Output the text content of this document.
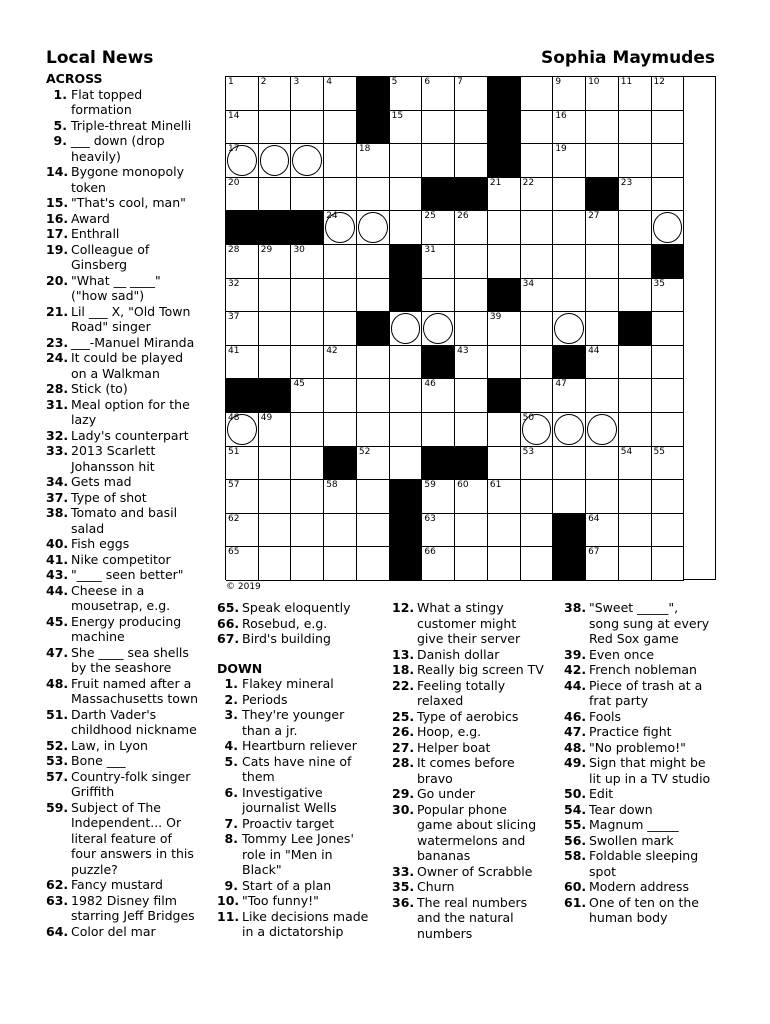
Local News	Sophia Maymudes
1	2	3	4	5	6	7	8	9	10 11 12
14	15	16
17	18	19
20	21 22	23
24	25 26	27
28 29 30	31
32	33	34	35
37	38	39	40
41	42	43	44
45	46	47
48 49	50
51	52	53	54 55
57	58	59 60 61
62	63	64
65	66	67
© 2019
ACROSS
1. Flat topped
formation
5. Triple-threat Minelli
9. ___ down (drop
heavily)
14. Bygone monopoly
token
15. "That's cool, man"
16. Award
17. Enthrall
19. Colleague of
Ginsberg
20. "What __ ____"
("how sad")
21. Lil ___ X, "Old Town
Road" singer
23. ___-Manuel Miranda
24. It could be played
on a Walkman
28. Stick (to)
31. Meal option for the
lazy
32. Lady's counterpart
33. 2013 Scarlett
Johansson hit
34. Gets mad
37. Type of shot
38. Tomato and basil
salad
40. Fish eggs
41. Nike competitor
43. "____ seen better"
44. Cheese in a
mousetrap, e.g.
45. Energy producing
machine
47. She ____ sea shells
by the seashore
48. Fruit named after a
Massachusetts town
51. Darth Vader's
childhood nickname
52. Law, in Lyon
53. Bone ___
57. Country-folk singer
Griffith
59. Subject of The
Independent... Or
literal feature of
four answers in this
puzzle?
62. Fancy mustard
63. 1982 Disney film
starring Jeff Bridges
64. Color del mar
65. Speak eloquently
66. Rosebud, e.g.
67. Bird's building
DOWN
1. Flakey mineral
2. Periods
3. They're younger
than a jr.
4. Heartburn reliever
5. Cats have nine of
them
6. Investigative
journalist Wells
7. Proactiv target
8. Tommy Lee Jones'
role in "Men in
Black"
9. Start of a plan
10. "Too funny!"
11. Like decisions made
in a dictatorship
12. What a stingy
customer might
give their server
13. Danish dollar
18. Really big screen TV
22. Feeling totally
relaxed
25. Type of aerobics
26. Hoop, e.g.
27. Helper boat
28. It comes before
bravo
29. Go under
30. Popular phone
game about slicing
watermelons and
bananas
33. Owner of Scrabble
35. Churn
36. The real numbers
and the natural
numbers
38. "Sweet _____",
song sung at every
Red Sox game
39. Even once
42. French nobleman
44. Piece of trash at a
frat party
46. Fools
47. Practice fight
48. "No problemo!"
49. Sign that might be
lit up in a TV studio
50. Edit
54. Tear down
55. Magnum _____
56. Swollen mark
58. Foldable sleeping
spot
60. Modern address
61. One of ten on the
human body
